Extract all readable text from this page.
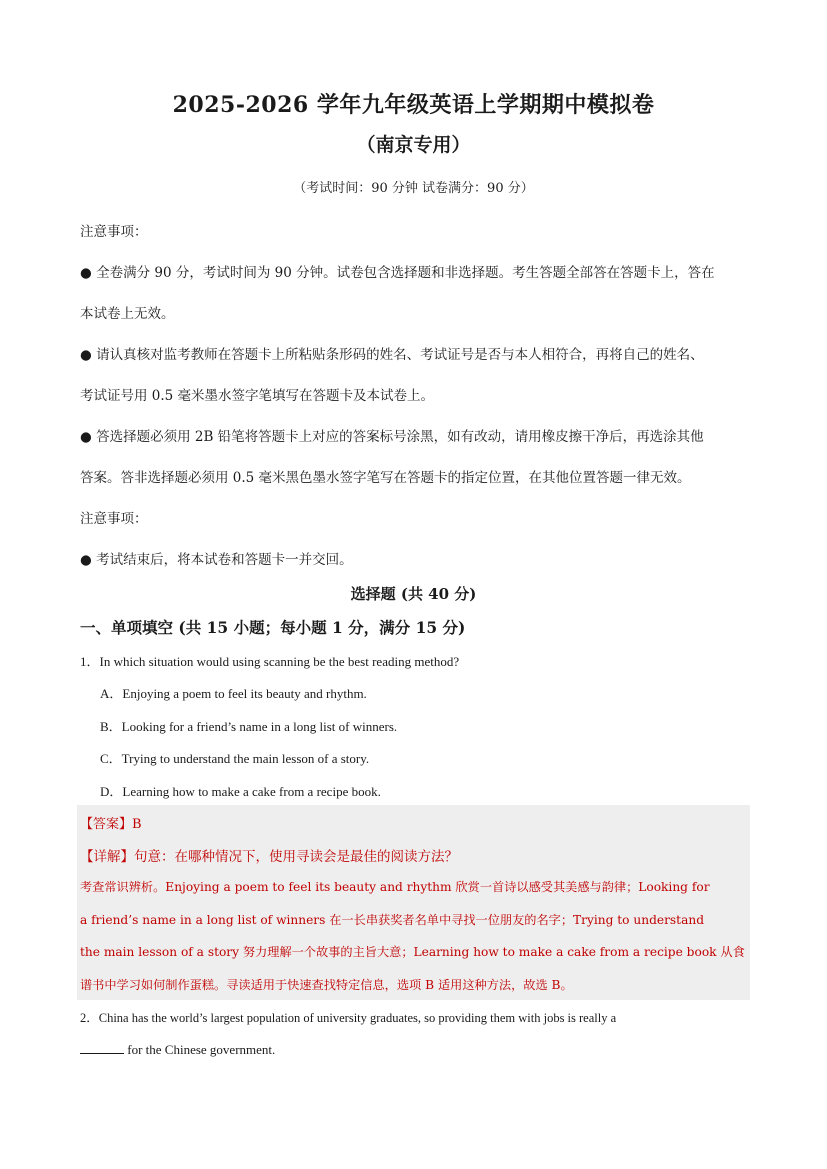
2025-2026 学年九年级英语上学期期中模拟卷
（南京专用）
（考试时间：90 分钟 试卷满分：90 分）
注意事项：
● 全卷满分 90 分，考试时间为 90 分钟。试卷包含选择题和非选择题。考生答题全部答在答题卡上，答在
本试卷上无效。
● 请认真核对监考教师在答题卡上所粘贴条形码的姓名、考试证号是否与本人相符合，再将自己的姓名、
考试证号用 0.5 毫米墨水签字笔填写在答题卡及本试卷上。
● 答选择题必须用 2B 铅笔将答题卡上对应的答案标号涂黑，如有改动，请用橡皮擦干净后，再选涂其他
答案。答非选择题必须用 0.5 毫米黑色墨水签字笔写在答题卡的指定位置，在其他位置答题一律无效。
注意事项：
● 考试结束后，将本试卷和答题卡一并交回。
选择题 (共 40 分)
一、单项填空 (共 15 小题；每小题 1 分，满分 15 分)
1．In which situation would using scanning be the best reading method?
A．Enjoying a poem to feel its beauty and rhythm.
B．Looking for a friend’s name in a long list of winners.
C．Trying to understand the main lesson of a story.
D．Learning how to make a cake from a recipe book.
【答案】B
【详解】句意：在哪种情况下，使用寻读会是最佳的阅读方法？
考查常识辨析。Enjoying a poem to feel its beauty and rhythm 欣赏一首诗以感受其美感与韵律；Looking for
a friend’s name in a long list of winners 在一长串获奖者名单中寻找一位朋友的名字；Trying to understand
the main lesson of a story 努力理解一个故事的主旨大意；Learning how to make a cake from a recipe book 从食
谱书中学习如何制作蛋糕。寻读适用于快速查找特定信息，选项 B 适用这种方法，故选 B。
2．China has the world’s largest population of university graduates, so providing them with jobs is really a
for the Chinese government.
